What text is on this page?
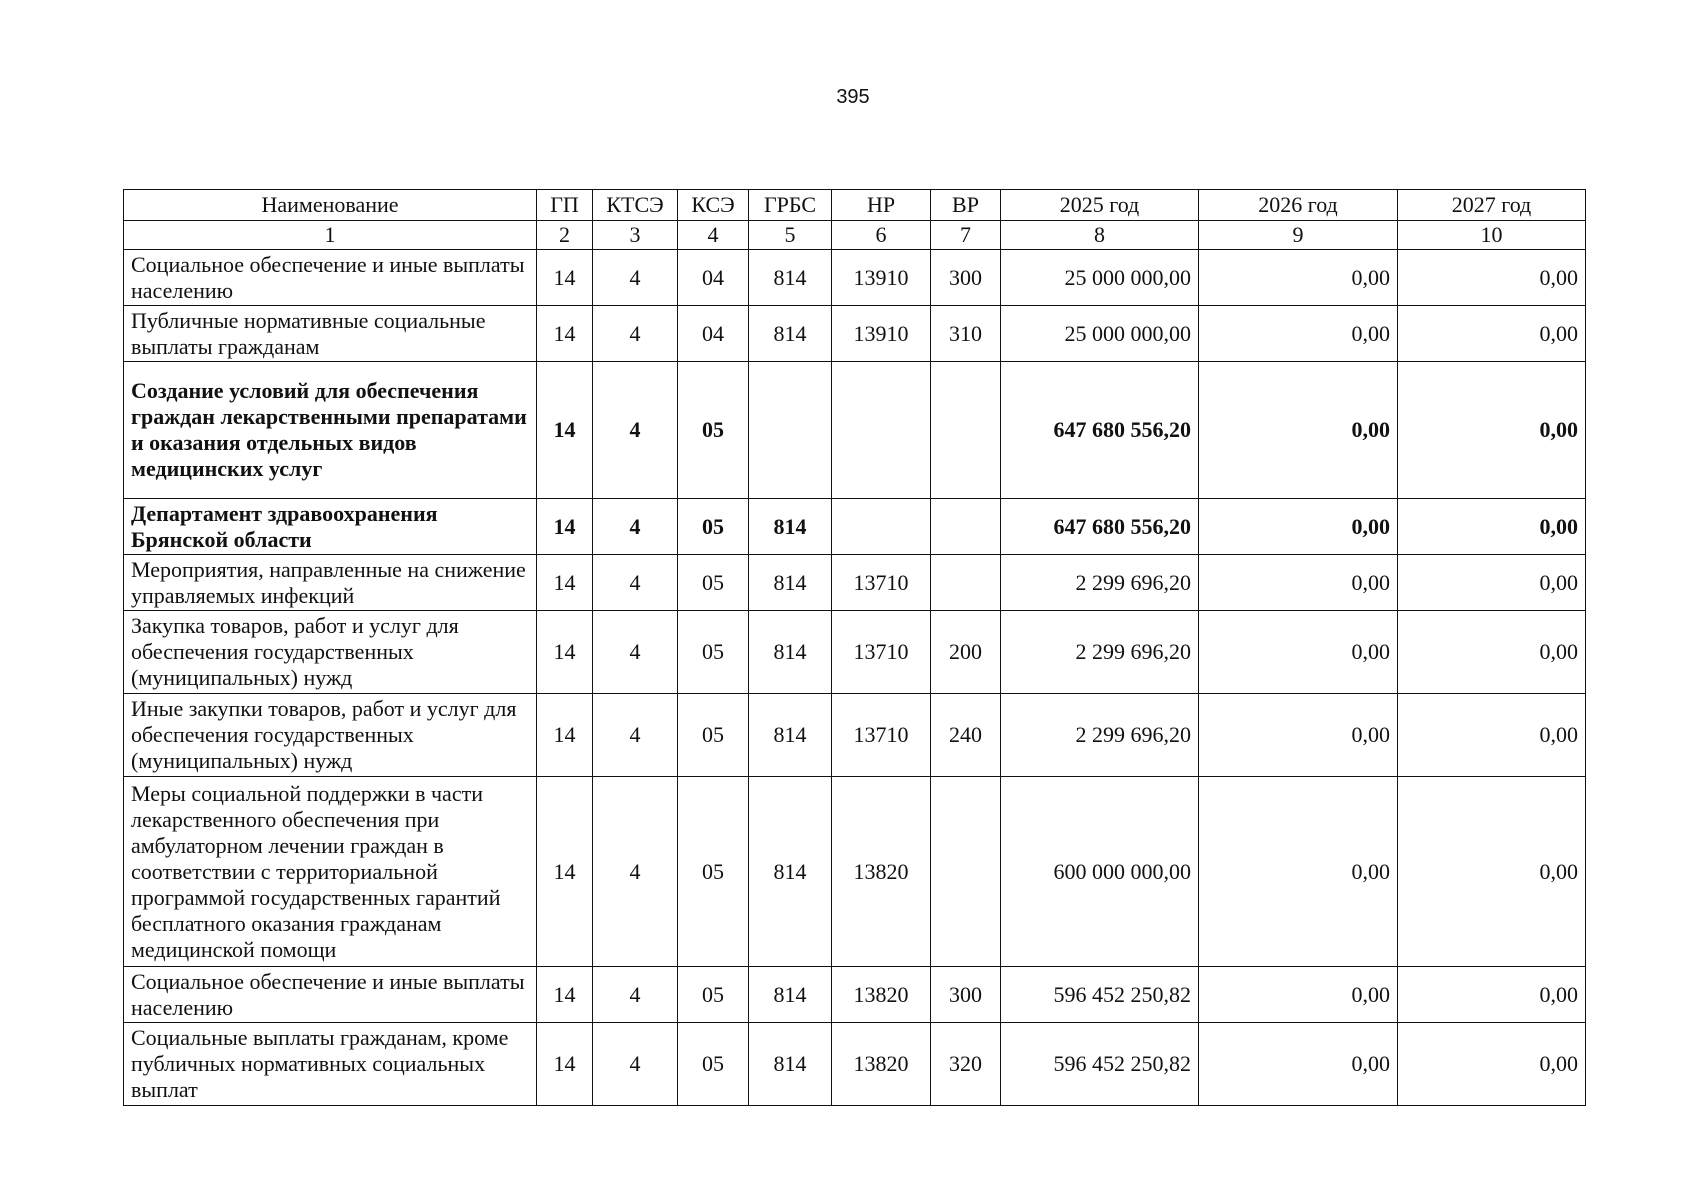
395
Наименование	ГП	КТСЭ	КСЭ	ГРБС	НР	ВР	2025 год	2026 год	2027 год
1	2	3	4	5	6	7	8	9	10
Социальное обеспечение и иные выплаты населению	14	4	04	814	13910	300	25 000 000,00	0,00	0,00
Публичные нормативные социальные выплаты гражданам	14	4	04	814	13910	310	25 000 000,00	0,00	0,00
Создание условий для обеспечения граждан лекарственными препаратами и оказания отдельных видов медицинских услуг	14	4	05				647 680 556,20	0,00	0,00
Департамент здравоохранения Брянской области	14	4	05	814			647 680 556,20	0,00	0,00
Мероприятия, направленные на снижение управляемых инфекций	14	4	05	814	13710		2 299 696,20	0,00	0,00
Закупка товаров, работ и услуг для обеспечения государственных (муниципальных) нужд	14	4	05	814	13710	200	2 299 696,20	0,00	0,00
Иные закупки товаров, работ и услуг для обеспечения государственных (муниципальных) нужд	14	4	05	814	13710	240	2 299 696,20	0,00	0,00
Меры социальной поддержки в части лекарственного обеспечения при амбулаторном лечении граждан в соответствии с территориальной программой государственных гарантий бесплатного оказания гражданам медицинской помощи	14	4	05	814	13820		600 000 000,00	0,00	0,00
Социальное обеспечение и иные выплаты населению	14	4	05	814	13820	300	596 452 250,82	0,00	0,00
Социальные выплаты гражданам, кроме публичных нормативных социальных выплат	14	4	05	814	13820	320	596 452 250,82	0,00	0,00
